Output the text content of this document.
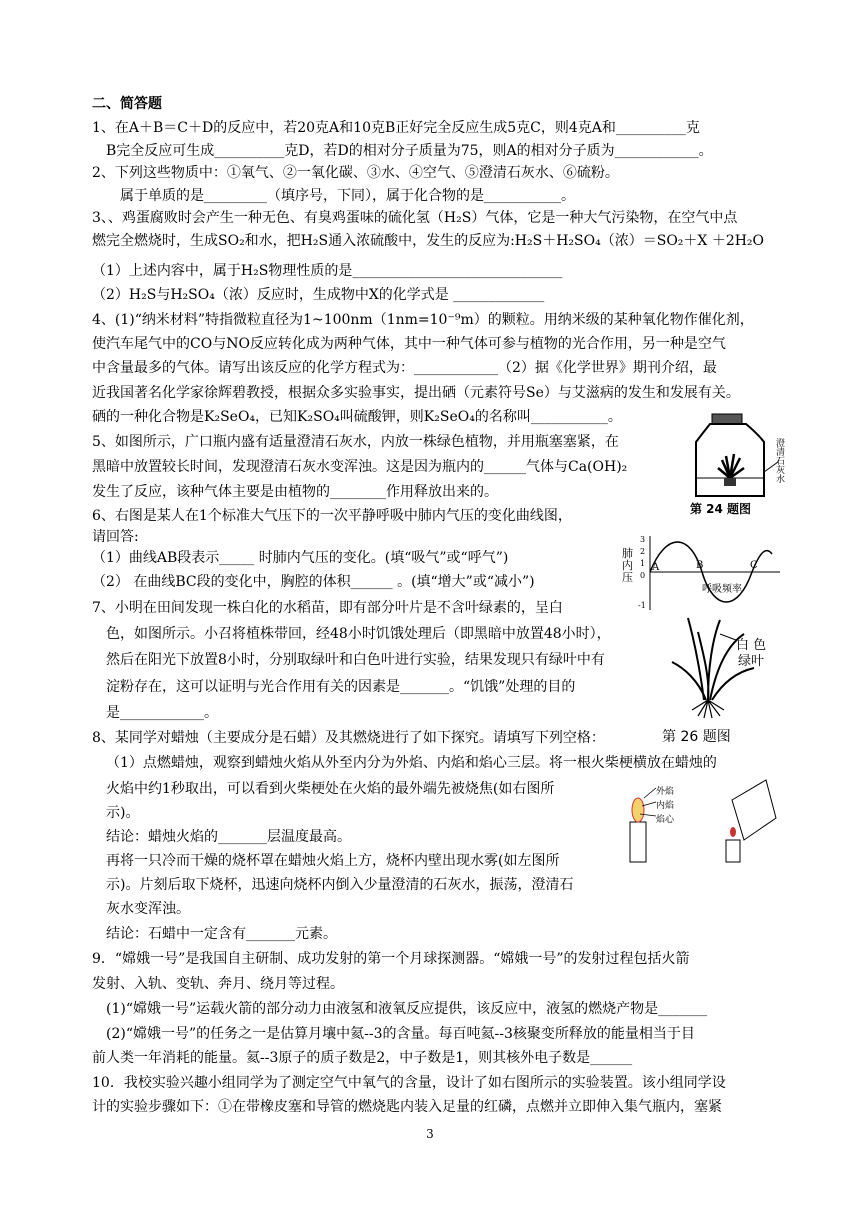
二、简答题
1、在A＋B＝C＋D的反应中，若20克A和10克B正好完全反应生成5克C，则4克A和__________克
B完全反应可生成__________克D，若D的相对分子质量为75，则A的相对分子质为____________。
2、下列这些物质中：①氧气、②一氧化碳、③水、④空气、⑤澄清石灰水、⑥硫粉。
属于单质的是_________（填序号，下同），属于化合物的是___________。
3、、鸡蛋腐败时会产生一种无色、有臭鸡蛋味的硫化氢（H₂S）气体，它是一种大气污染物，在空气中点
燃完全燃烧时，生成SO₂和水，把H₂S通入浓硫酸中，发生的反应为:H₂S＋H₂SO₄（浓）＝SO₂＋X ＋2H₂O
（1）上述内容中，属于H₂S物理性质的是______________________________
（2）H₂S与H₂SO₄（浓）反应时，生成物中X的化学式是 _____________
4、(1)“纳米材料”特指微粒直径为1~100nm（1nm=10⁻⁹m）的颗粒。用纳米级的某种氧化物作催化剂，
使汽车尾气中的CO与NO反应转化成为两种气体，其中一种气体可参与植物的光合作用，另一种是空气
中含量最多的气体。请写出该反应的化学方程式为：____________（2）据《化学世界》期刊介绍，最
近我国著名化学家徐辉碧教授，根据众多实验事实，提出硒（元素符号Se）与艾滋病的发生和发展有关。
硒的一种化合物是K₂SeO₄，已知K₂SO₄叫硫酸钾，则K₂SeO₄的名称叫___________。
5、如图所示，广口瓶内盛有适量澄清石灰水，内放一株绿色植物，并用瓶塞塞紧，在
黑暗中放置较长时间，发现澄清石灰水变浑浊。这是因为瓶内的______气体与Ca(OH)₂
发生了反应，该种气体主要是由植物的________作用释放出来的。
6、右图是某人在1个标准大气压下的一次平静呼吸中肺内气压的变化曲线图，
请回答:
（1）曲线AB段表示_____ 时肺内气压的变化。(填“吸气”或“呼气”)
（2） 在曲线BC段的变化中，胸腔的体积______ 。(填“增大”或“减小”)
7、小明在田间发现一株白化的水稻苗，即有部分叶片是不含叶绿素的，呈白
色，如图所示。小召将植株带回，经48小时饥饿处理后（即黑暗中放置48小时），
然后在阳光下放置8小时，分别取绿叶和白色叶进行实验，结果发现只有绿叶中有
淀粉存在，这可以证明与光合作用有关的因素是_______。“饥饿”处理的目的
是____________。
8、某同学对蜡烛（主要成分是石蜡）及其燃烧进行了如下探究。请填写下列空格：
（1）点燃蜡烛，观察到蜡烛火焰从外至内分为外焰、内焰和焰心三层。将一根火柴梗横放在蜡烛的
火焰中约1秒取出，可以看到火柴梗处在火焰的最外端先被烧焦(如右图所
示)。
结论：蜡烛火焰的_______层温度最高。
再将一只冷而干燥的烧杯罩在蜡烛火焰上方，烧杯内壁出现水雾(如左图所
示)。片刻后取下烧杯，迅速向烧杯内倒入少量澄清的石灰水，振荡，澄清石
灰水变浑浊。
结论：石蜡中一定含有_______元素。
9．“嫦娥一号”是我国自主研制、成功发射的第一个月球探测器。“嫦娥一号”的发射过程包括火箭
发射、入轨、变轨、奔月、绕月等过程。
(1)“嫦娥一号”运载火箭的部分动力由液氢和液氧反应提供，该反应中，液氢的燃烧产物是_______
(2)“嫦娥一号”的任务之一是估算月壤中氦--3的含量。每百吨氦--3核聚变所释放的能量相当于目
前人类一年消耗的能量。氦--3原子的质子数是2，中子数是1，则其核外电子数是______
10．我校实验兴趣小组同学为了测定空气中氧气的含量，设计了如右图所示的实验装置。该小组同学设
计的实验步骤如下：①在带橡皮塞和导管的燃烧匙内装入足量的红磷，点燃并立即伸入集气瓶内，塞紧
3
澄清石灰水
第 24 题图
3
2
1
0
-1
A	B	C
呼吸频率
肺内压
白 色
绿叶
第 26 题图
外焰
内焰
焰心
